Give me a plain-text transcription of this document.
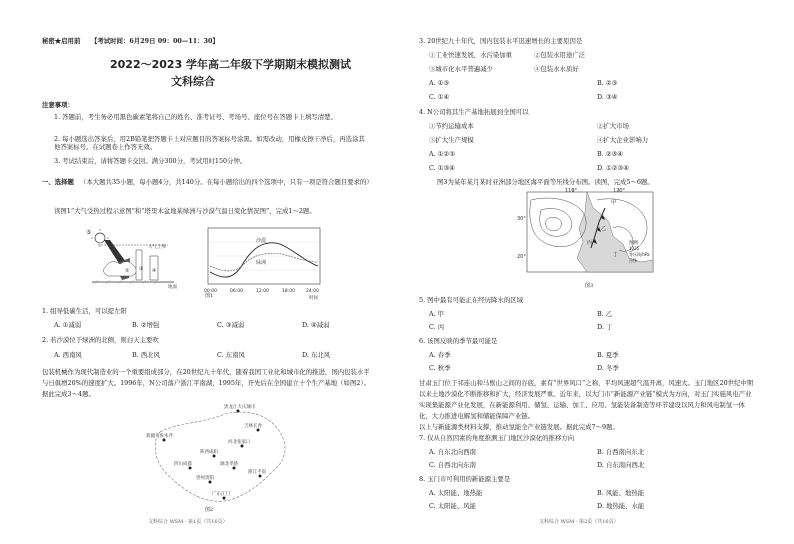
秘密★启用前 【考试时间：6月29日 09：00—11：30】
2022～2023 学年高二年级下学期期末模拟测试
文科综合
注意事项：
1. 答题前，考生务必用黑色碳素笔将自己的姓名、准考证号、考场号、座位号在答题卡上填写清楚。
2. 每小题选出答案后，用2B铅笔把答题卡上对应题目的答案标号涂黑。如需改动，用橡皮擦干净后，再选涂其他答案标号。在试题卷上作答无效。
3. 考试结束后，请将答题卡交回。满分300分，考试用时150分钟。
一、选择题 （本大题共35小题，每小题4分，共140分。在每小题给出的四个选项中，只有一项是符合题目要求的）
读图1“大气受热过程示意图”和“塔里木盆地某绿洲与沙漠气温日变化情况图”，完成1～2题。
⑤
①
② ③ ④
大气上界
地面
沙漠
绿洲
00:00	06:00	12:00	18:00 24:00
时间
图1
1. 组导低碳生活，可以提左阳
A. ①减弱	B. ②增强	C. ③减弱	D. ④减弱
2. 若沙漠位于绿洲的北侧，则白天主要吹
A. 西南风	B. 西北风	C. 东南风	D. 东北风
包装机械作为现代制造业的一个重要组成部分，在20世纪九十年代，随着我国工业化和城市化的推进，国内包装水平与日俱增20%的速度扩大。1996年，N公司落户浙江平南湖，1995年，开先后在全国建立十个生产基地（如图2）。据此完成3～4题。
黑龙江大庆城市
吉林长春
新疆乌鲁木齐
河北张家口
陕西咸阳
四川成都	湖北孝感
浙江平南
贵州贵阳
广东江门
图2
文科综合 WSM · 第1页（共16页）
3. 20世纪九十年代，国内包装水平迅速增长的主要原因是
①工业快速发展，水污染加重	②包装水用途广泛
③城市化水平普遍减少	④包装水水质好
A. ①③	B. ②③
C. ①④	D. ③④
4. N公司将其生产基地拓展到全国可以
①节约运输成本	②扩大市场
③扩大生产规模	④扩大企业影响力
A. ①②③	B. ②③④
C. ①③④	D. ①②③④
图3为某年某月某时亚洲部分地区海平面等压线分布图。读图，完成5～6题。
110°	120°
30°
20°
甲
乙
丙
丁
图例
等压线/hPa
冷锋
1025
图3
5. 图中最有可能正在经历降水的区域
A. 甲	B. 乙
C. 丙	D. 丁
6. 该图反映的季节最可能是
A. 春季	B. 夏季
C. 秋季	D. 冬季
甘肃玉门位于祁连山和马鬃山之间的谷底，素有“世界风口”之称，平均风速超气温开离，风速大。玉门地区20世纪中期以来土地沙漠化不断推移和扩大，经济发展严重。近年来，以大门市“新能源产业链”模式为方向，对玉门实施风电产业实现集能源产业化发展，在新能源利用、储氢、运输、加工、应用、氢能装备制造等环节建设以风力和风电制氢一体化，大力推进电解氢和储能保障产业链。
以上与新能源类材料支撑，推动氢能全产业链发展。据此完成7～9题。
7. 仅从自然因素的角度推测玉门地区沙漠化的推移方向
A. 自东北向西南	B. 自西南向东北
C. 自西北向东南	D. 自东南向西北
8. 玉门市可利用的新能源主要是
A. 太阳能、地热能	B. 风能、地热能
C. 太阳能、风能	D. 地热能、水能
文科综合 WSM · 第2页（共16页）
